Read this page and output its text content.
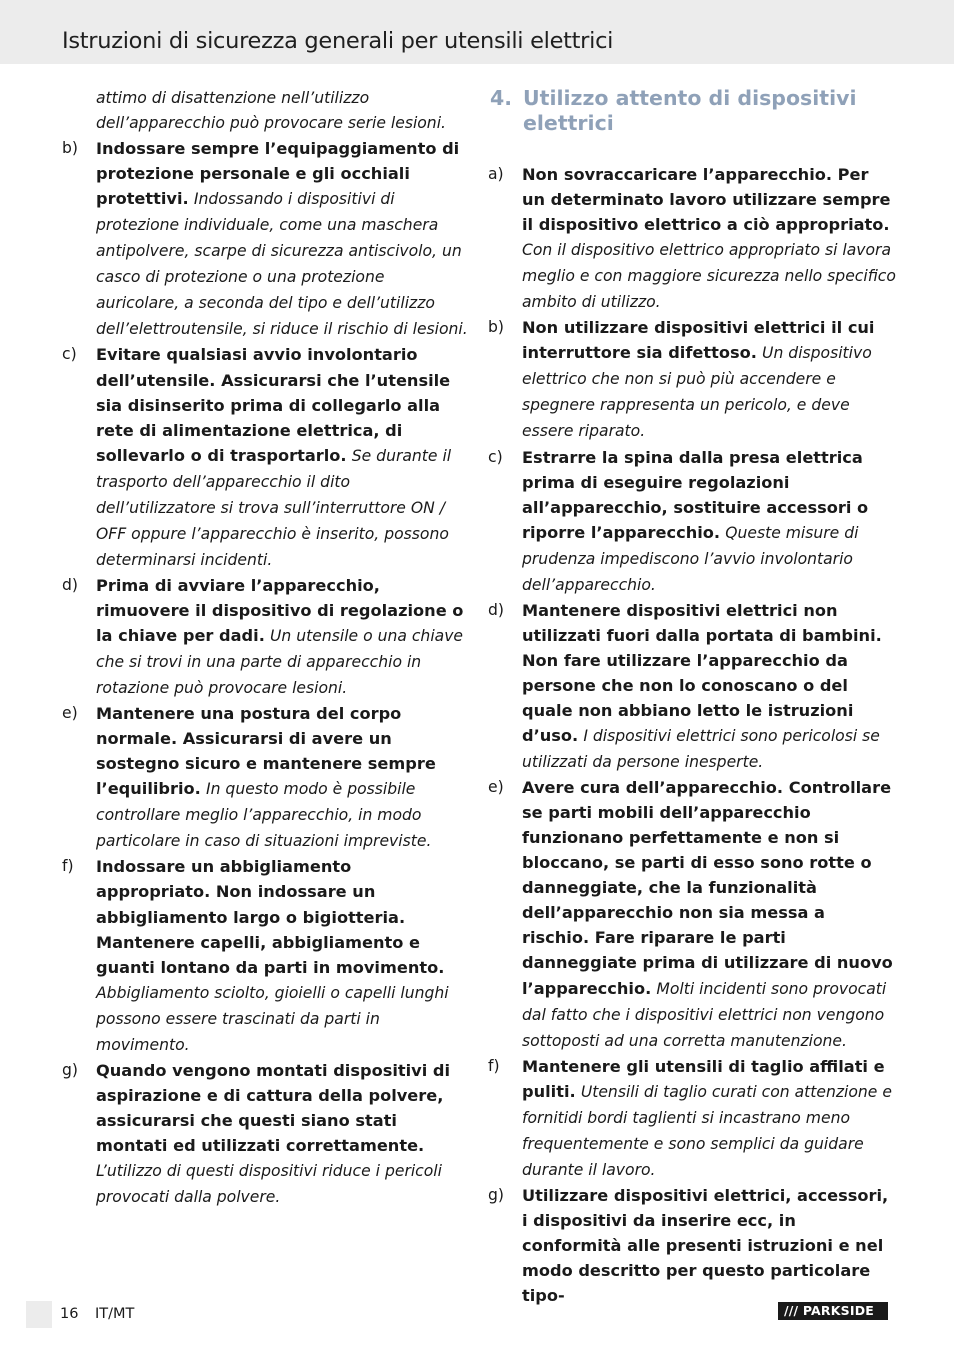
Istruzioni di sicurezza generali per utensili elettrici
attimo di disattenzione nell’utilizzo dell’apparecchio può provocare serie lesioni.
b) Indossare sempre l’equipaggiamento di protezione personale e gli occhiali protettivi. Indossando i dispositivi di protezione individuale, come una maschera antipolvere, scarpe di sicurezza antiscivolo, un casco di protezione o una protezione auricolare, a seconda del tipo e dell’utilizzo dell’elettroutensile, si riduce il rischio di lesioni.
c) Evitare qualsiasi avvio involontario dell’utensile. Assicurarsi che l’utensile sia disinserito prima di collegarlo alla rete di alimentazione elettrica, di sollevarlo o di trasportarlo. Se durante il trasporto dell’apparecchio il dito dell’utilizzatore si trova sull’interruttore ON / OFF oppure l’apparecchio è inserito, possono determinarsi incidenti.
d) Prima di avviare l’apparecchio, rimuovere il dispositivo di regolazione o la chiave per dadi. Un utensile o una chiave che si trovi in una parte di apparecchio in rotazione può provocare lesioni.
e) Mantenere una postura del corpo normale. Assicurarsi di avere un sostegno sicuro e mantenere sempre l’equilibrio. In questo modo è possibile controllare meglio l’apparecchio, in modo particolare in caso di situazioni impreviste.
f) Indossare un abbigliamento appropriato. Non indossare un abbigliamento largo o bigiotteria. Mantenere capelli, abbigliamento e guanti lontano da parti in movimento. Abbigliamento sciolto, gioielli o capelli lunghi possono essere trascinati da parti in movimento.
g) Quando vengono montati dispositivi di aspirazione e di cattura della polvere, assicurarsi che questi siano stati montati ed utilizzati correttamente. L’utilizzo di questi dispositivi riduce i pericoli provocati dalla polvere.
4. Utilizzo attento di dispositivi elettrici
a) Non sovraccaricare l’apparecchio. Per un determinato lavoro utilizzare sempre il dispositivo elettrico a ciò appropriato. Con il dispositivo elettrico appropriato si lavora meglio e con maggiore sicurezza nello specifico ambito di utilizzo.
b) Non utilizzare dispositivi elettrici il cui interruttore sia difettoso. Un dispositivo elettrico che non si può più accendere e spegnere rappresenta un pericolo, e deve essere riparato.
c) Estrarre la spina dalla presa elettrica prima di eseguire regolazioni all’apparecchio, sostituire accessori o riporre l’apparecchio. Queste misure di prudenza impediscono l’avvio involontario dell’apparecchio.
d) Mantenere dispositivi elettrici non utilizzati fuori dalla portata di bambini. Non fare utilizzare l’apparecchio da persone che non lo conoscano o del quale non abbiano letto le istruzioni d’uso. I dispositivi elettrici sono pericolosi se utilizzati da persone inesperte.
e) Avere cura dell’apparecchio. Controllare se parti mobili dell’apparecchio funzionano perfettamente e non si bloccano, se parti di esso sono rotte o danneggiate, che la funzionalità dell’apparecchio non sia messa a rischio. Fare riparare le parti danneggiate prima di utilizzare di nuovo l’apparecchio. Molti incidenti sono provocati dal fatto che i dispositivi elettrici non vengono sottoposti ad una corretta manutenzione.
f) Mantenere gli utensili di taglio affilati e puliti. Utensili di taglio curati con attenzione e fornitidi bordi taglienti si incastrano meno frequentemente e sono semplici da guidare durante il lavoro.
g) Utilizzare dispositivi elettrici, accessori, i dispositivi da inserire ecc, in conformità alle presenti istruzioni e nel modo descritto per questo particolare tipo-
16 IT/MT	/// PARKSIDE
